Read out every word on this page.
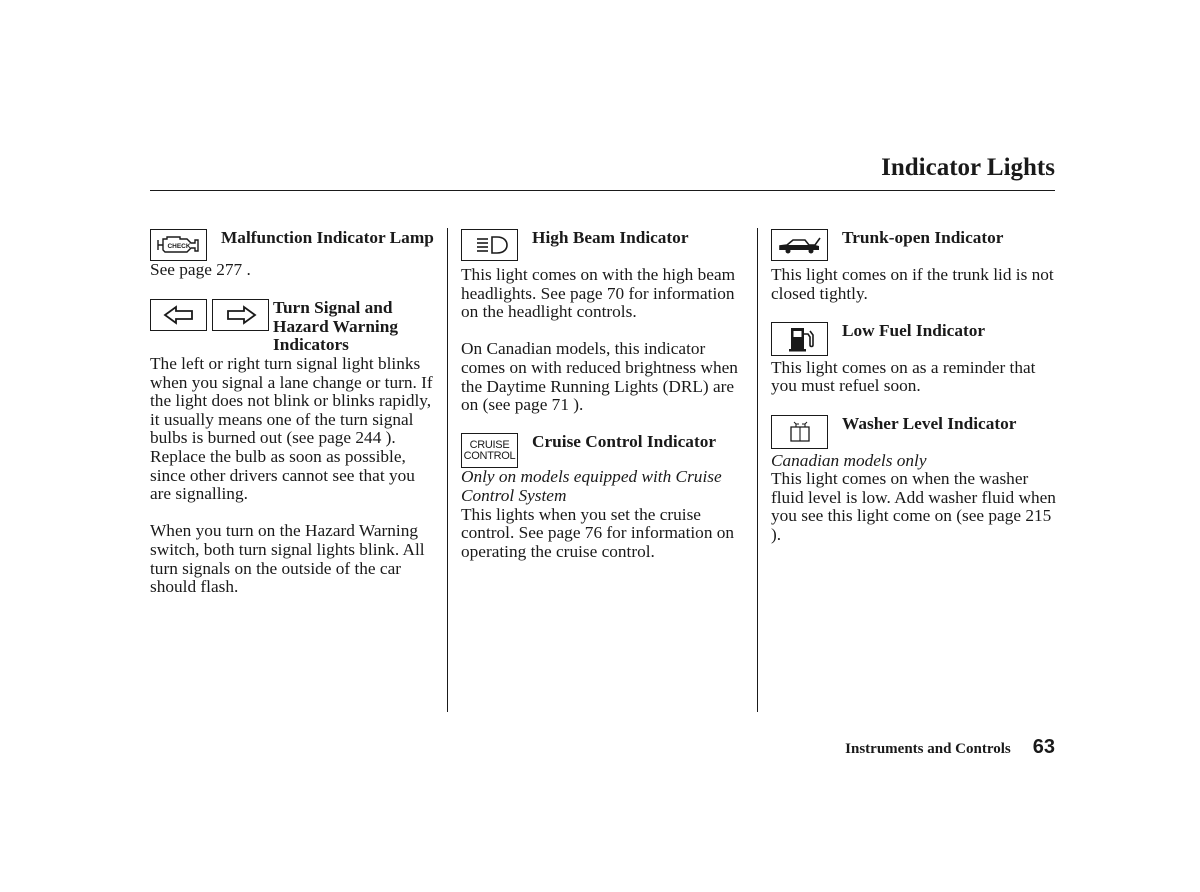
Indicator Lights
CHECK Malfunction Indicator Lamp

See page 277 .

Turn Signal and Hazard Warning Indicators

The left or right turn signal light blinks when you signal a lane change or turn. If the light does not blink or blinks rapidly, it usually means one of the turn signal bulbs is burned out (see page 244 ). Replace the bulb as soon as possible, since other drivers cannot see that you are signalling.

When you turn on the Hazard Warning switch, both turn signal lights blink. All turn signals on the outside of the car should flash.

High Beam Indicator

This light comes on with the high beam headlights. See page 70 for information on the headlight controls.

On Canadian models, this indicator comes on with reduced brightness when the Daytime Running Lights (DRL) are on (see page 71 ).

CRUISE
CONTROL
Cruise Control Indicator

Only on models equipped with Cruise Control System

This lights when you set the cruise control. See page 76 for information on operating the cruise control.

Trunk-open Indicator

This light comes on if the trunk lid is not closed tightly.

Low Fuel Indicator

This light comes on as a reminder that you must refuel soon.

Washer Level Indicator

Canadian models only

This light comes on when the washer fluid level is low. Add washer fluid when you see this light come on (see page 215 ).

Instruments and Controls 63
